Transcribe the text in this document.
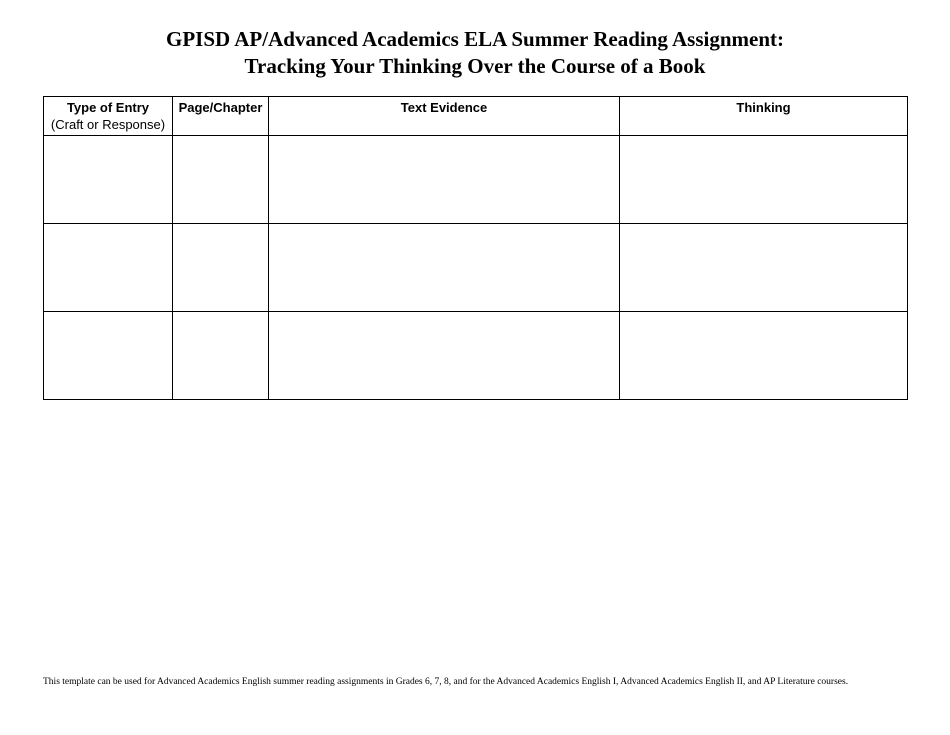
GPISD AP/Advanced Academics ELA Summer Reading Assignment:

Tracking Your Thinking Over the Course of a Book

Type of Entry
(Craft or Response)	Page/Chapter	Text Evidence	Thinking

This template can be used for Advanced Academics English summer reading assignments in Grades 6, 7, 8, and for the Advanced Academics English I, Advanced Academics English II, and AP Literature courses.
